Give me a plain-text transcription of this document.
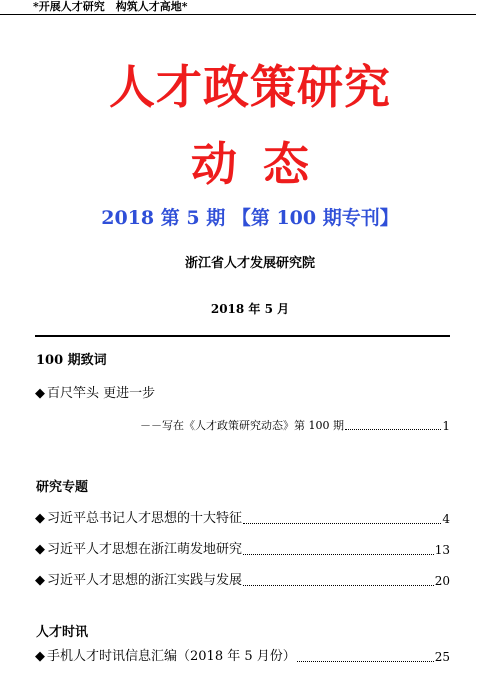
*开展人才研究　构筑人才高地*
人才政策研究
动态
2018 第 5 期 【第 100 期专刊】
浙江省人才发展研究院
2018 年 5 月
100 期致词
◆ 百尺竿头 更进一步
－－写在《人才政策研究动态》第 100 期	1
研究专题
◆ 习近平总书记人才思想的十大特征	4
◆ 习近平人才思想在浙江萌发地研究	13
◆ 习近平人才思想的浙江实践与发展	20
人才时讯
◆ 手机人才时讯信息汇编（2018 年 5 月份）	25
